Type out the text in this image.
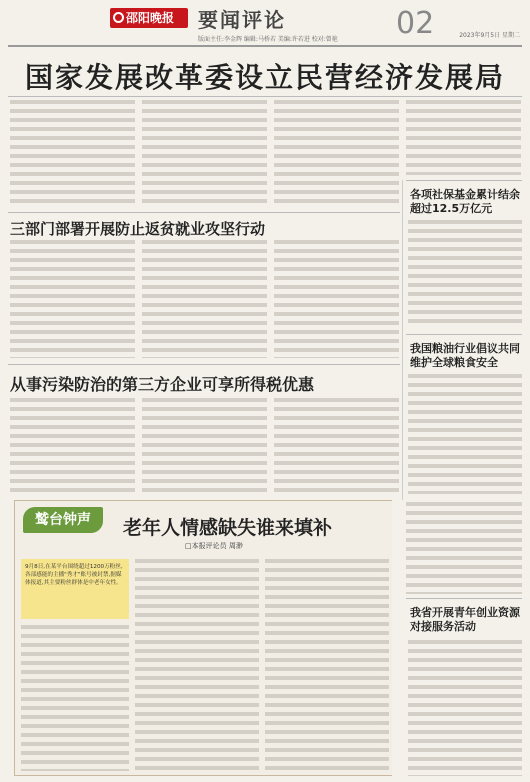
邵阳晚报	要闻评论	02	2023年9月5日 星期二
版面主任:李金辉 编辑:马桥若 美编:许若进 校对:曾艳
国家发展改革委设立民营经济发展局
三部门部署开展防止返贫就业攻坚行动
从事污染防治的第三方企业可享所得税优惠
各项社保基金累计结余超过12.5万亿元
我国粮油行业倡议共同维护全球粮食安全
鹫台钟声	老年人情感缺失谁来填补
□本报评论员 周渺
9月8日,在某平台围绕超过1200万粉丝,各部感能的主播"秀才"账号被封禁,据媒体报道,其主要粉丝群体是中老年女性。
我省开展青年创业资源对接服务活动
